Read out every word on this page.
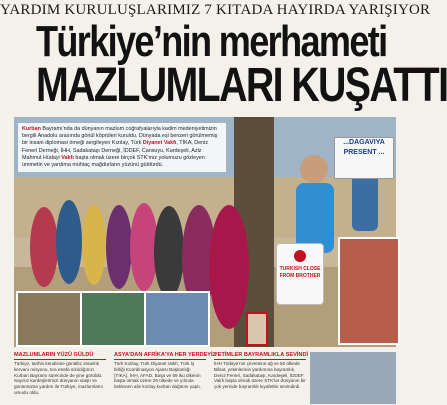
YARDIM KURULUŞLARIMIZ 7 KITADA HAYIRDA YARIŞIYOR
Türkiye’nin merhameti
MAZLUMLARI KUŞATTI
Kurban Bayramı’nda da dünyanın mazlum coğrafyalarıyla kadim medeniyetimizin bergili Anadolu arasında gönül köprüleri kuruldu. Dünyada eşi benzeri görülmemiş bir insani diplomasi örneği sergileyen Kızılay, Türk Diyanet Vakfı, TİKA, Deniz Feneri Derneği, İHH, Sadakataşı Derneği, İDDEF, Cansuyu, Kardeşeli, Aziz Mahmut Hüdayi Vakfı başta olmak üzere birçok STK’mız yolumuzu gözleyen ümmetin ve yardıma muhtaç mağdurların yüzünü güldürdü.
...DAGAVIYA PRESENT ...
TURKISH CLOSE FROM BROTHER
MAZLUMLARIN YÜZÜ GÜLDÜ

Türkiye, tarihin kendisine gönüllü; insanlık kervanı misyonu, tıra etrafa sıkıldığınızı Kurban Bayramı sürecinde de yine görüldü. Sayısız kardeşlerimizi dünyanın ulaştı ve günümüzün yardım ile Türkiye, mazlumların umudu oldu.

ASYA’DAN AFRİKA’YA HER YERDEYİZ

Türk Kızılay, Türk Diyanet Vakfı, Türk İş birliği Koordinasyon Ajansı Başkanlığı (TİKA), İHH, AFAD, Başa ve 69 iku ülkenin başta olmak üzere 26 ülkede ve yılında beklenen aile kızılay kurban dağıtımı yaptı.

YETİMLER BAYRAMLIKLA SEVİNDİ

İHH Türkiye’nin çevresine ağ ve 50 ülkede Bilsat, yetimlerinin yardımına bayramlık, Deniz Feneri, Sadakataşı, Kardeşeli, İDDEF Vakfı başta olmak üzere STK’lar dünyanın bir çok yerinde bayramlık kıyafetler sevindirdi.
